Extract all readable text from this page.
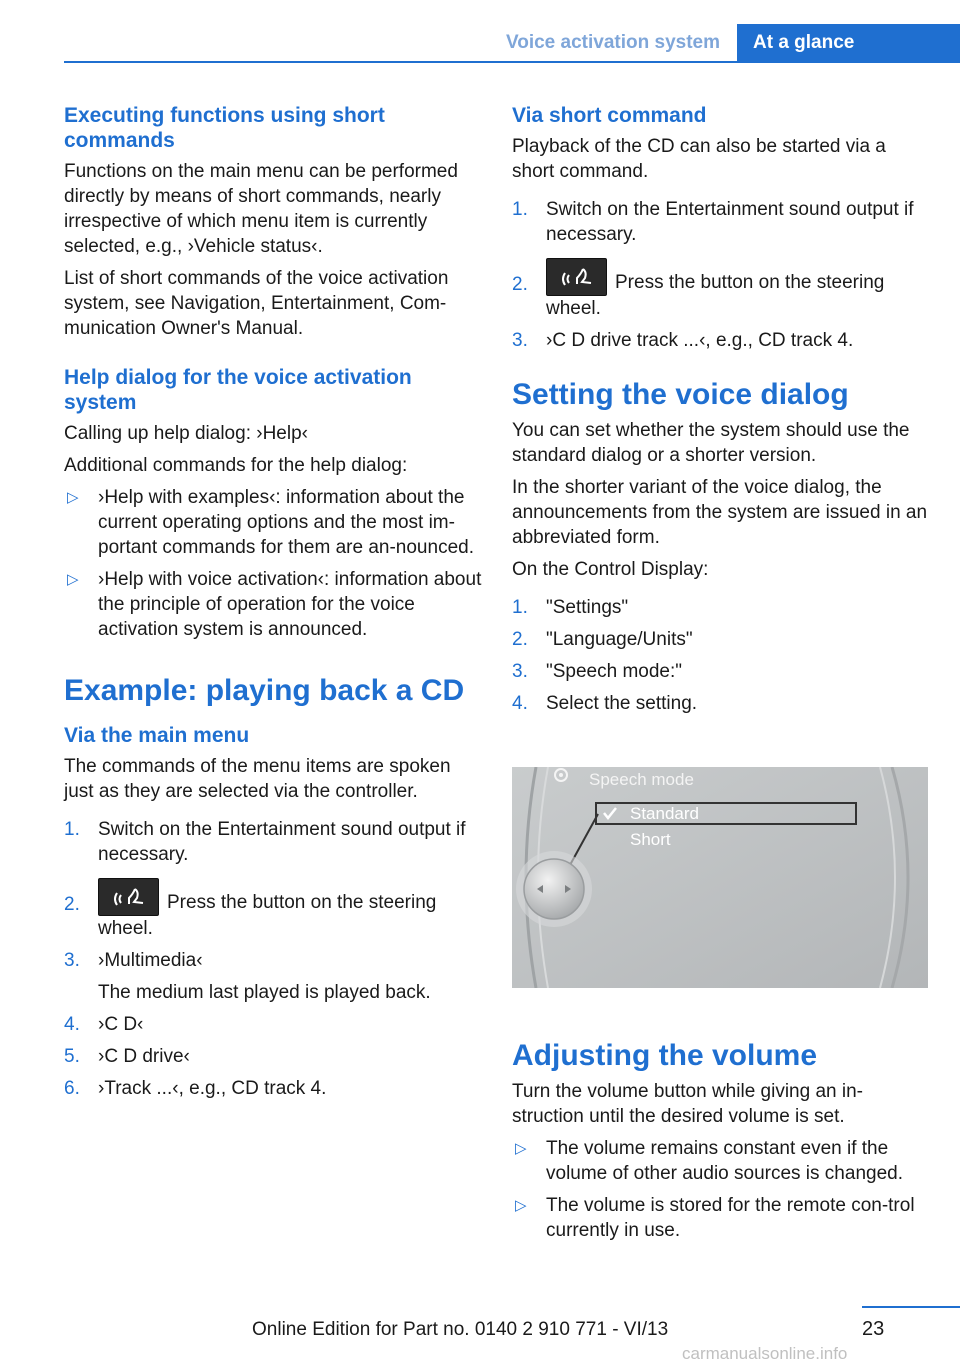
Voice activation system	At a glance
Executing functions using short commands
Functions on the main menu can be performed directly by means of short commands, nearly irrespective of which menu item is currently selected, e.g., ›Vehicle status‹.
List of short commands of the voice activation system, see Navigation, Entertainment, Com‐munication Owner's Manual.
Help dialog for the voice activation system
Calling up help dialog: ›Help‹
Additional commands for the help dialog:
▷ ›Help with examples‹: information about the current operating options and the most im‐portant commands for them are an‐nounced.
▷ ›Help with voice activation‹: information about the principle of operation for the voice activation system is announced.
Example: playing back a CD
Via the main menu
The commands of the menu items are spoken just as they are selected via the controller.
1. Switch on the Entertainment sound output if necessary.
2.	Press the button on the steering wheel.
3. ›Multimedia‹
The medium last played is played back.
4. ›C D‹
5. ›C D drive‹
6. ›Track ...‹, e.g., CD track 4.
Via short command
Playback of the CD can also be started via a short command.
1. Switch on the Entertainment sound output if necessary.
2.	Press the button on the steering wheel.
3. ›C D drive track ...‹, e.g., CD track 4.
Setting the voice dialog
You can set whether the system should use the standard dialog or a shorter version.
In the shorter variant of the voice dialog, the announcements from the system are issued in an abbreviated form.
On the Control Display:
1. "Settings"
2. "Language/Units"
3. "Speech mode:"
4. Select the setting.
Speech mode
Standard
Short
Adjusting the volume
Turn the volume button while giving an in‐struction until the desired volume is set.
▷ The volume remains constant even if the volume of other audio sources is changed.
▷ The volume is stored for the remote con‐trol currently in use.
23
Online Edition for Part no. 0140 2 910 771 - VI/13
carmanualsonline.info
